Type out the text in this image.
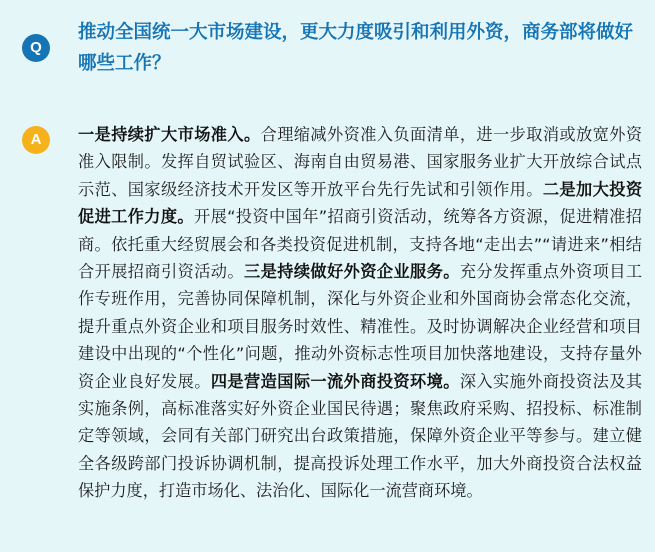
Q

推动全国统一大市场建设，更大力度吸引和利用外资，商务部将做好哪些工作？

A	一是持续扩大市场准入。合理缩减外资准入负面清单，进一步取消或放宽外资准入限制。发挥自贸试验区、海南自由贸易港、国家服务业扩大开放综合试点示范、国家级经济技术开发区等开放平台先行先试和引领作用。二是加大投资促进工作力度。开展“投资中国年”招商引资活动，统筹各方资源，促进精准招商。依托重大经贸展会和各类投资促进机制，支持各地“走出去”“请进来”相结合开展招商引资活动。三是持续做好外资企业服务。充分发挥重点外资项目工作专班作用，完善协同保障机制，深化与外资企业和外国商协会常态化交流，提升重点外资企业和项目服务时效性、精准性。及时协调解决企业经营和项目建设中出现的“个性化”问题，推动外资标志性项目加快落地建设，支持存量外资企业良好发展。四是营造国际一流外商投资环境。深入实施外商投资法及其实施条例，高标准落实好外资企业国民待遇；聚焦政府采购、招投标、标准制定等领域，会同有关部门研究出台政策措施，保障外资企业平等参与。建立健全各级跨部门投诉协调机制，提高投诉处理工作水平，加大外商投资合法权益保护力度，打造市场化、法治化、国际化一流营商环境。
